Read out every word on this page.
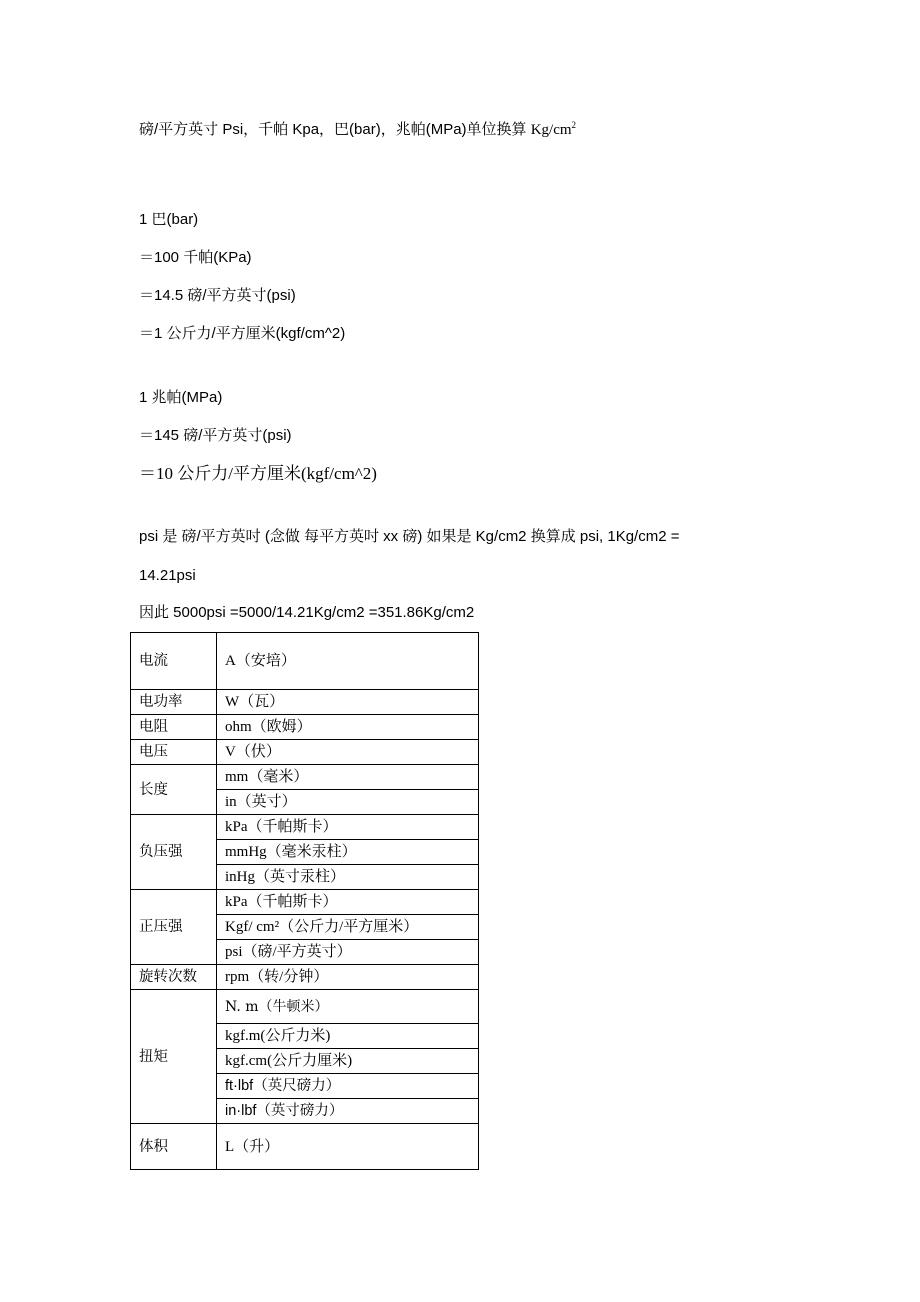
磅/平方英寸 Psi，千帕 Kpa，巴(bar)，兆帕(MPa)单位换算 $Kg/cm^2$
1 巴(bar)
＝100 千帕(KPa)
＝14.5 磅/平方英寸(psi)
＝1 公斤力/平方厘米(kgf/cm^2)
1 兆帕(MPa)
＝145 磅/平方英寸(psi)
＝10 公斤力/平方厘米(kgf/cm^2)
psi 是 磅/平方英吋 (念做 每平方英吋 xx 磅) 如果是 Kg/cm2 换算成 psi, 1Kg/cm2 =
14.21psi
因此 5000psi =5000/14.21Kg/cm2 =351.86Kg/cm2
电流	A（安培）
电功率	W（瓦）
电阻	ohm（欧姆）
电压	V（伏）
长度	mm（毫米）
	in（英寸）
负压强	kPa（千帕斯卡）
	mmHg（毫米汞柱）
	inHg（英寸汞柱）
正压强	kPa（千帕斯卡）
	Kgf/ cm²（公斤力/平方厘米）
	psi（磅/平方英寸）
旋转次数	rpm（转/分钟）
扭矩	N. m（牛顿米）
	kgf.m(公斤力米)
	kgf.cm(公斤力厘米)
	ft·lbf（英尺磅力）
	in·lbf（英寸磅力）
体积	L（升）
